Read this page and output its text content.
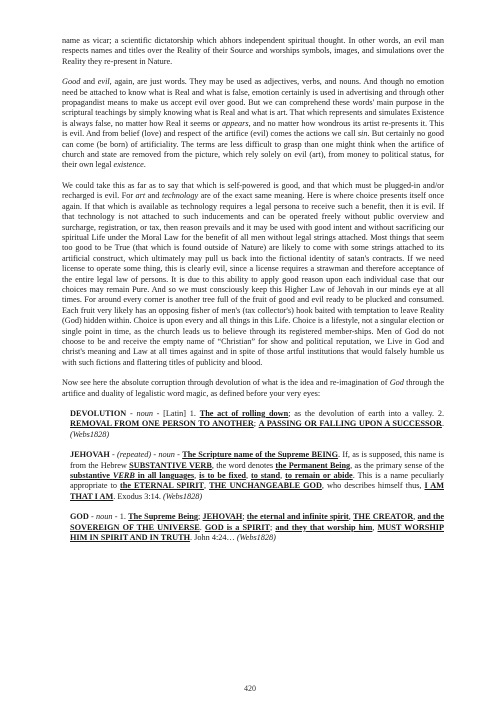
name as vicar; a scientific dictatorship which abhors independent spiritual thought. In other words, an evil man respects names and titles over the Reality of their Source and worships symbols, images, and simulations over the Reality they re-present in Nature.

Good and evil, again, are just words. They may be used as adjectives, verbs, and nouns. And though no emotion need be attached to know what is Real and what is false, emotion certainly is used in advertising and through other propagandist means to make us accept evil over good. But we can comprehend these words' main purpose in the scriptural teachings by simply knowing what is Real and what is art. That which represents and simulates Existence is always false, no matter how Real it seems or appears, and no matter how wondrous its artist re-presents it. This is evil. And from belief (love) and respect of the artifice (evil) comes the actions we call sin. But certainly no good can come (be born) of artificiality. The terms are less difficult to grasp than one might think when the artifice of church and state are removed from the picture, which rely solely on evil (art), from money to political status, for their own legal existence.

We could take this as far as to say that which is self-powered is good, and that which must be plugged-in and/or recharged is evil. For art and technology are of the exact same meaning. Here is where choice presents itself once again. If that which is available as technology requires a legal persona to receive such a benefit, then it is evil. If that technology is not attached to such inducements and can be operated freely without public overview and surcharge, registration, or tax, then reason prevails and it may be used with good intent and without sacrificing our spiritual Life under the Moral Law for the benefit of all men without legal strings attached. Most things that seem too good to be True (that which is found outside of Nature) are likely to come with some strings attached to its artificial construct, which ultimately may pull us back into the fictional identity of satan's contracts. If we need license to operate some thing, this is clearly evil, since a license requires a strawman and therefore acceptance of the entire legal law of persons. It is due to this ability to apply good reason upon each individual case that our choices may remain Pure. And so we must consciously keep this Higher Law of Jehovah in our minds eye at all times. For around every corner is another tree full of the fruit of good and evil ready to be plucked and consumed. Each fruit very likely has an opposing fisher of men's (tax collector's) hook baited with temptation to leave Reality (God) hidden within. Choice is upon every and all things in this Life. Choice is a lifestyle, not a singular election or single point in time, as the church leads us to believe through its registered member-ships. Men of God do not choose to be and receive the empty name of “Christian” for show and political reputation, we Live in God and christ's meaning and Law at all times against and in spite of those artful institutions that would falsely humble us with such fictions and flattering titles of publicity and blood.

Now see here the absolute corruption through devolution of what is the idea and re-imagination of God through the artifice and duality of legalistic word magic, as defined before your very eyes:

DEVOLUTION - noun - [Latin] 1. The act of rolling down; as the devolution of earth into a valley. 2. REMOVAL FROM ONE PERSON TO ANOTHER; A PASSING OR FALLING UPON A SUCCESSOR. (Webs1828)

JEHOVAH - (repeated) - noun - The Scripture name of the Supreme BEING. If, as is supposed, this name is from the Hebrew SUBSTANTIVE VERB, the word denotes the Permanent Being, as the primary sense of the substantive VERB in all languages, is to be fixed, to stand, to remain or abide. This is a name peculiarly appropriate to the ETERNAL SPIRIT, THE UNCHANGEABLE GOD, who describes himself thus, I AM THAT I AM. Exodus 3:14. (Webs1828)

GOD - noun - 1. The Supreme Being; JEHOVAH; the eternal and infinite spirit, THE CREATOR, and the SOVEREIGN OF THE UNIVERSE. GOD is a SPIRIT; and they that worship him, MUST WORSHIP HIM IN SPIRIT AND IN TRUTH. John 4:24… (Webs1828)

420
